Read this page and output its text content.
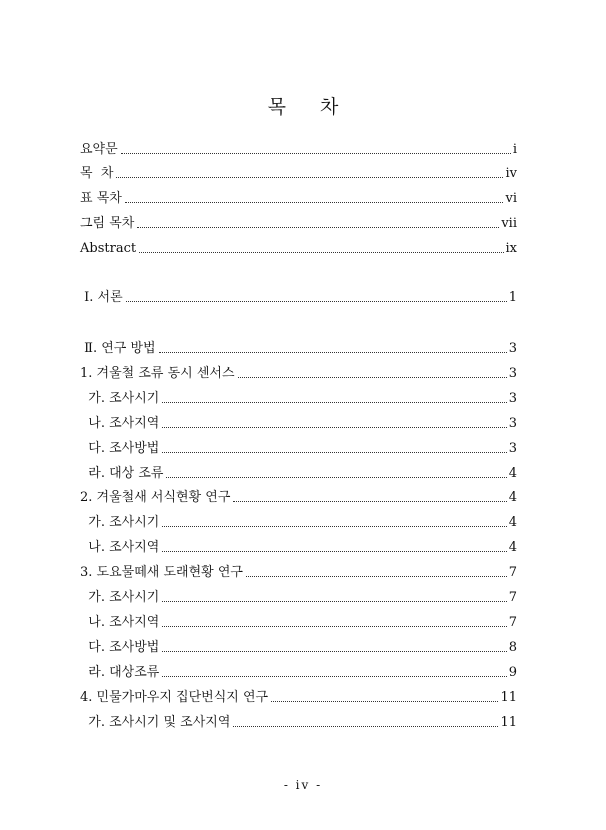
목 차
요약문	i
목  차	iv
표 목차	vi
그림 목차	vii
Abstract	ix
Ⅰ. 서론	1
Ⅱ. 연구 방법	3
1. 겨울철 조류 동시 센서스	3
가. 조사시기	3
나. 조사지역	3
다. 조사방법	3
라. 대상 조류	4
2. 겨울철새 서식현황 연구	4
가. 조사시기	4
나. 조사지역	4
3. 도요물떼새 도래현황 연구	7
가. 조사시기	7
나. 조사지역	7
다. 조사방법	8
라. 대상조류	9
4. 민물가마우지 집단번식지 연구	11
가. 조사시기 및 조사지역	11
- iv -
